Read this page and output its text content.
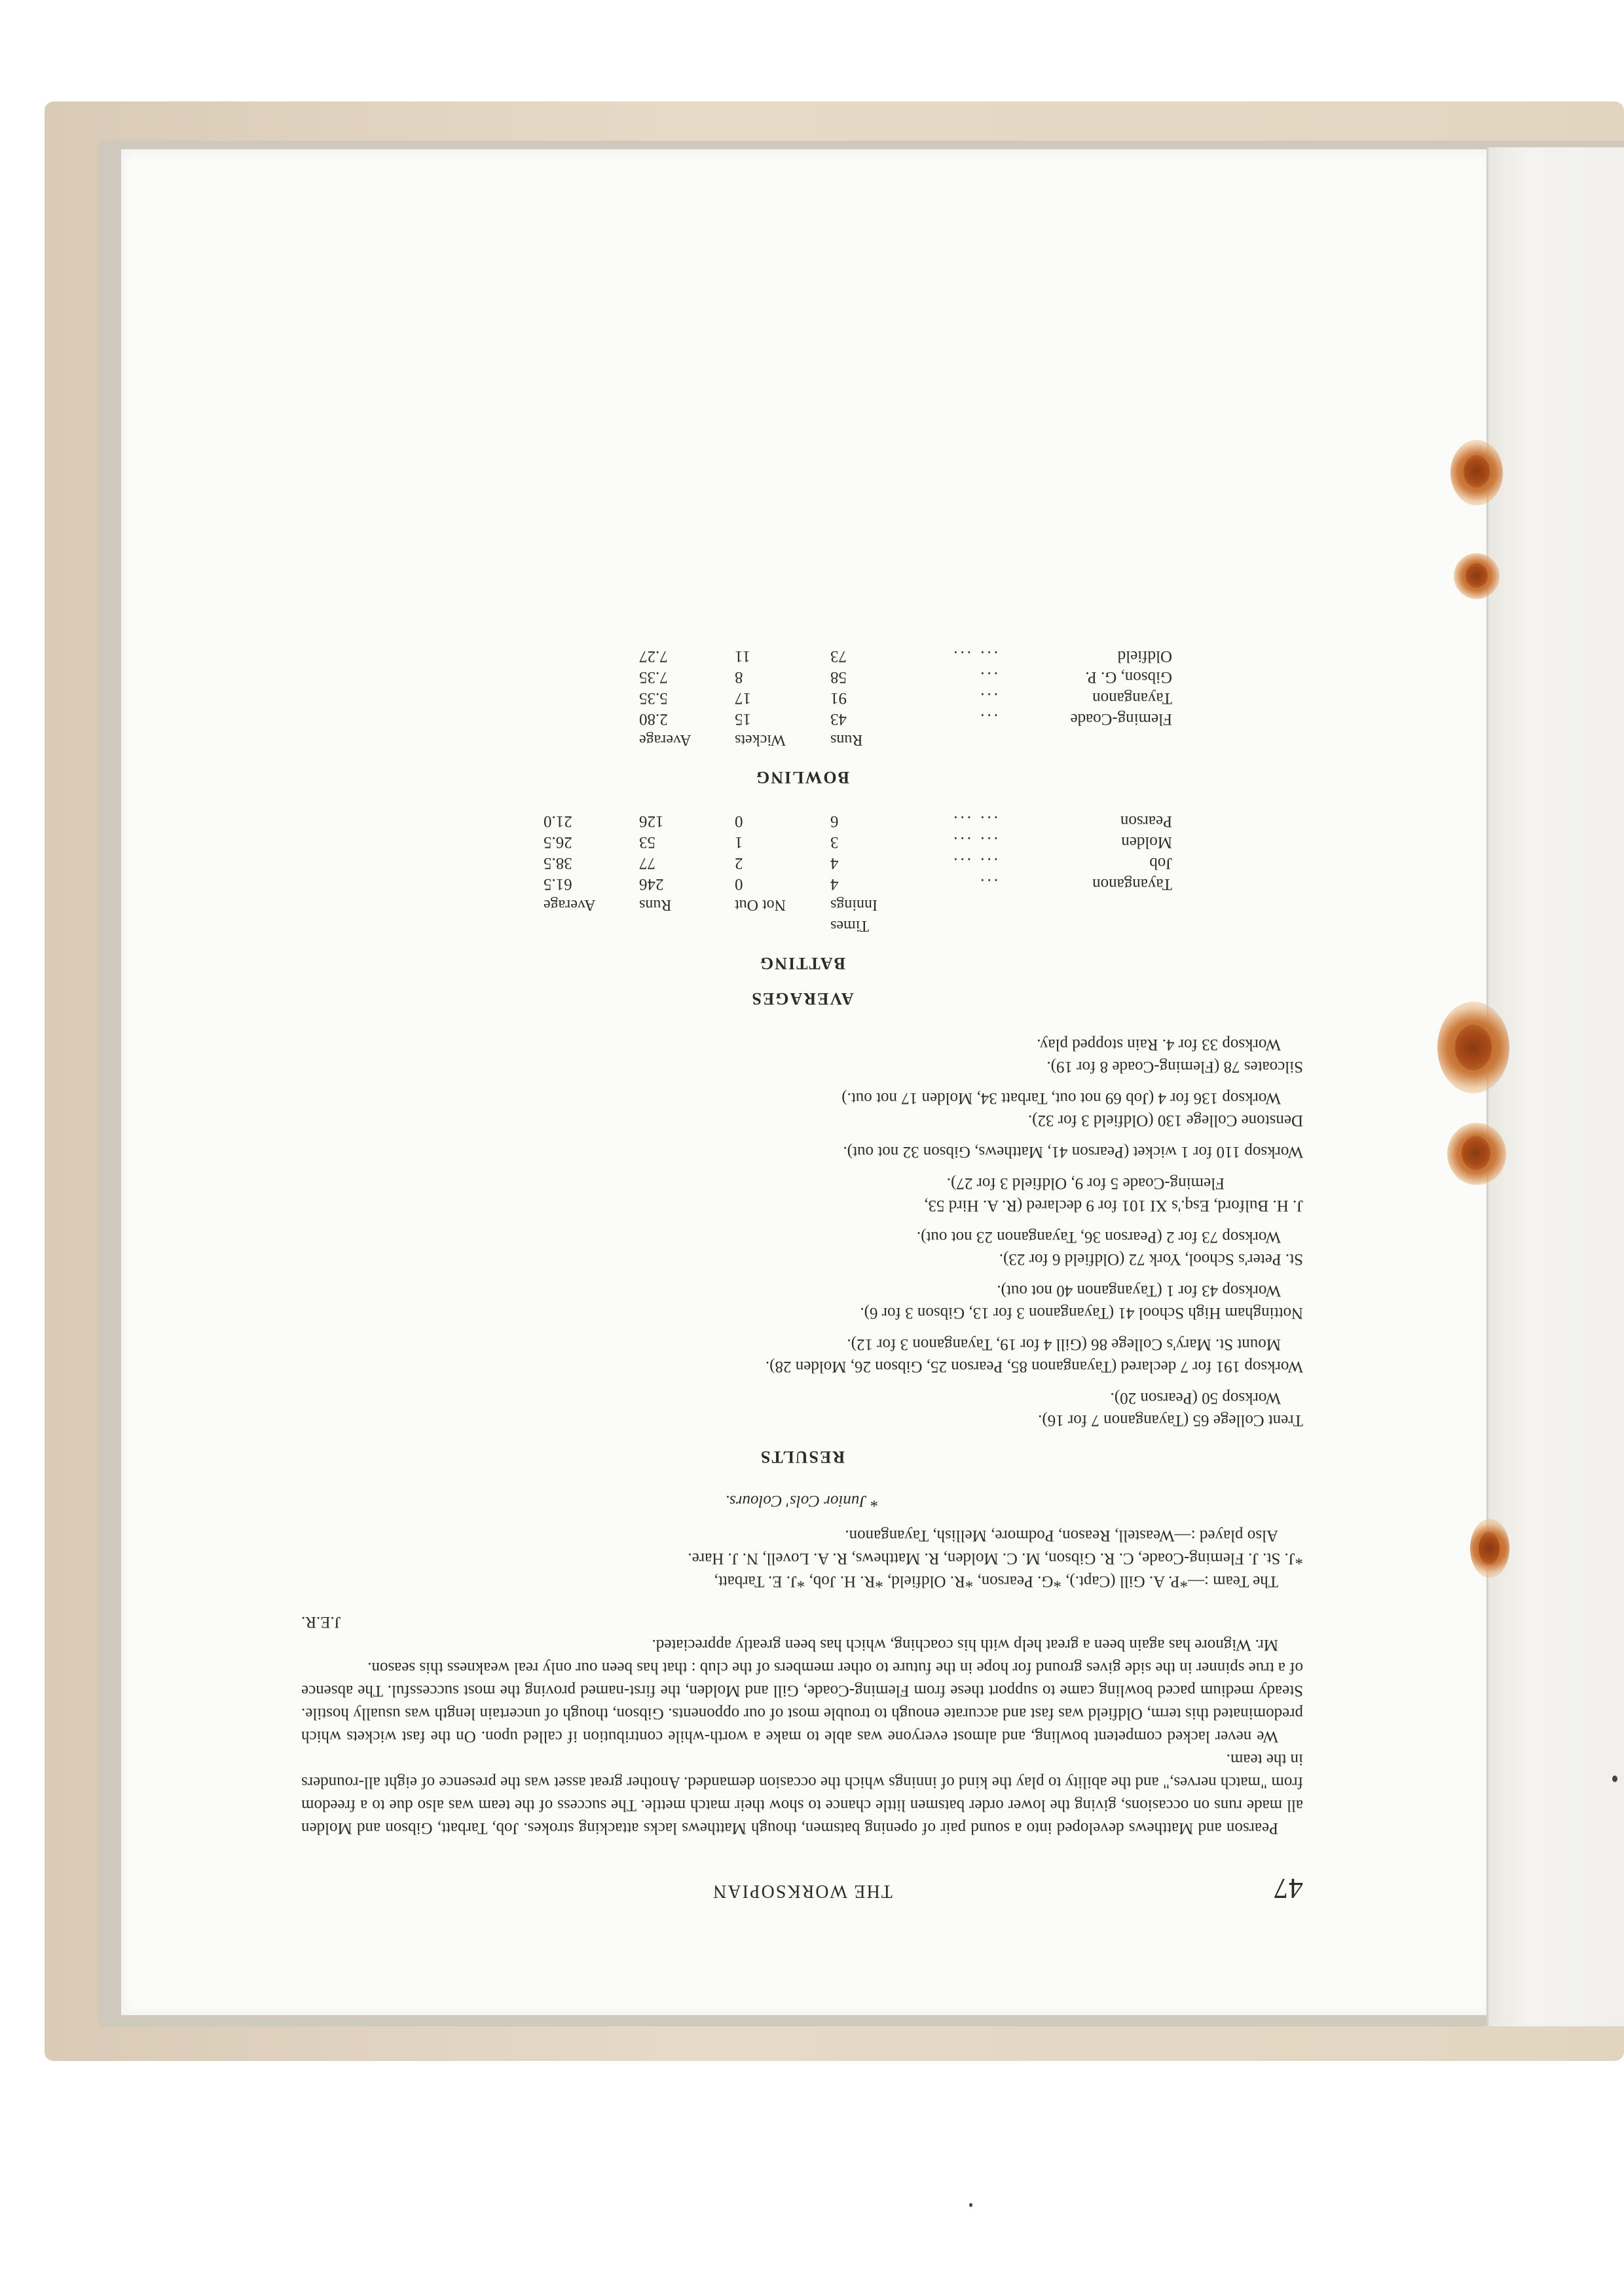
47
THE WORKSOPIAN

Pearson and Matthews developed into a sound pair of opening batsmen, though Matthews lacks attacking strokes. Job, Tarbatt, Gibson and Molden all made runs on occasions, giving the lower order batsmen little chance to show their match mettle. The success of the team was also due to a freedom from "match nerves," and the ability to play the kind of innings which the occasion demanded. Another great asset was the presence of eight all-rounders in the team.

We never lacked competent bowling, and almost everyone was able to make a worth-while contribution if called upon. On the fast wickets which predominated this term, Oldfield was fast and accurate enough to trouble most of our opponents. Gibson, though of uncertain length was usually hostile. Steady medium paced bowling came to support these from Fleming-Coade, Gill and Molden, the first-named proving the most successful. The absence of a true spinner in the side gives ground for hope in the future to other members of the club : that has been our only real weakness this season.

Mr. Wignore has again been a great help with his coaching, which has been greatly appreciated.

J.E.R.

The Team :—*P. A. Gill (Capt.), *G. Pearson, *R. Oldfield, *R. H. Job, *J. E. Tarbatt,

*J. St. J. Fleming-Coade, C. R. Gibson, M. C. Molden, R. Matthews, R. A. Lovell, N. J. Hare.

Also played :—Weastell, Reason, Podmore, Mellish, Tayanganon.

* Junior Cols' Colours.
RESULTS
Trent College 65 (Tayanganon 7 for 16).
Worksop 50 (Pearson 20).
Worksop 191 for 7 declared (Tayanganon 85, Pearson 25, Gibson 26, Molden 28).
Mount St. Mary's College 86 (Gill 4 for 19, Tayanganon 3 for 12).
Nottingham High School 41 (Tayanganon 3 for 13, Gibson 3 for 6).
Worksop 43 for 1 (Tayanganon 40 not out).
St. Peter's School, York 72 (Oldfield 6 for 23).
Worksop 73 for 2 (Pearson 36, Tayanganon 23 not out).
J. H. Bulford, Esq.'s XI 101 for 9 declared (R. A. Hird 53,
Fleming-Coade 5 for 9, Oldfield 3 for 27).
Worksop 110 for 1 wicket (Pearson 41, Matthews, Gibson 32 not out).
Denstone College 130 (Oldfield 3 for 32).
Worksop 136 for 4 (Job 69 not out, Tarbatt 34, Molden 17 not out.)
Silcoates 78 (Fleming-Coade 8 for 19).
Worksop 33 for 4. Rain stopped play.
AVERAGES
BATTING
		Times			
		Innings	Not Out	Runs	Average
Tayanganon	...	4	0	246	61.5
Job	... ...	4	2	77	38.5
Molden	... ...	3	1	53	26.5
Pearson	... ...	6	0	126	21.0
BOWLING
		Runs	Wickets	Average
Fleming-Coade	...	43	15	2.80
Tayanganon	...	91	17	5.35
Gibson, G. P.	...	58	8	7.35
Oldfield	... ...	73	11	7.27
